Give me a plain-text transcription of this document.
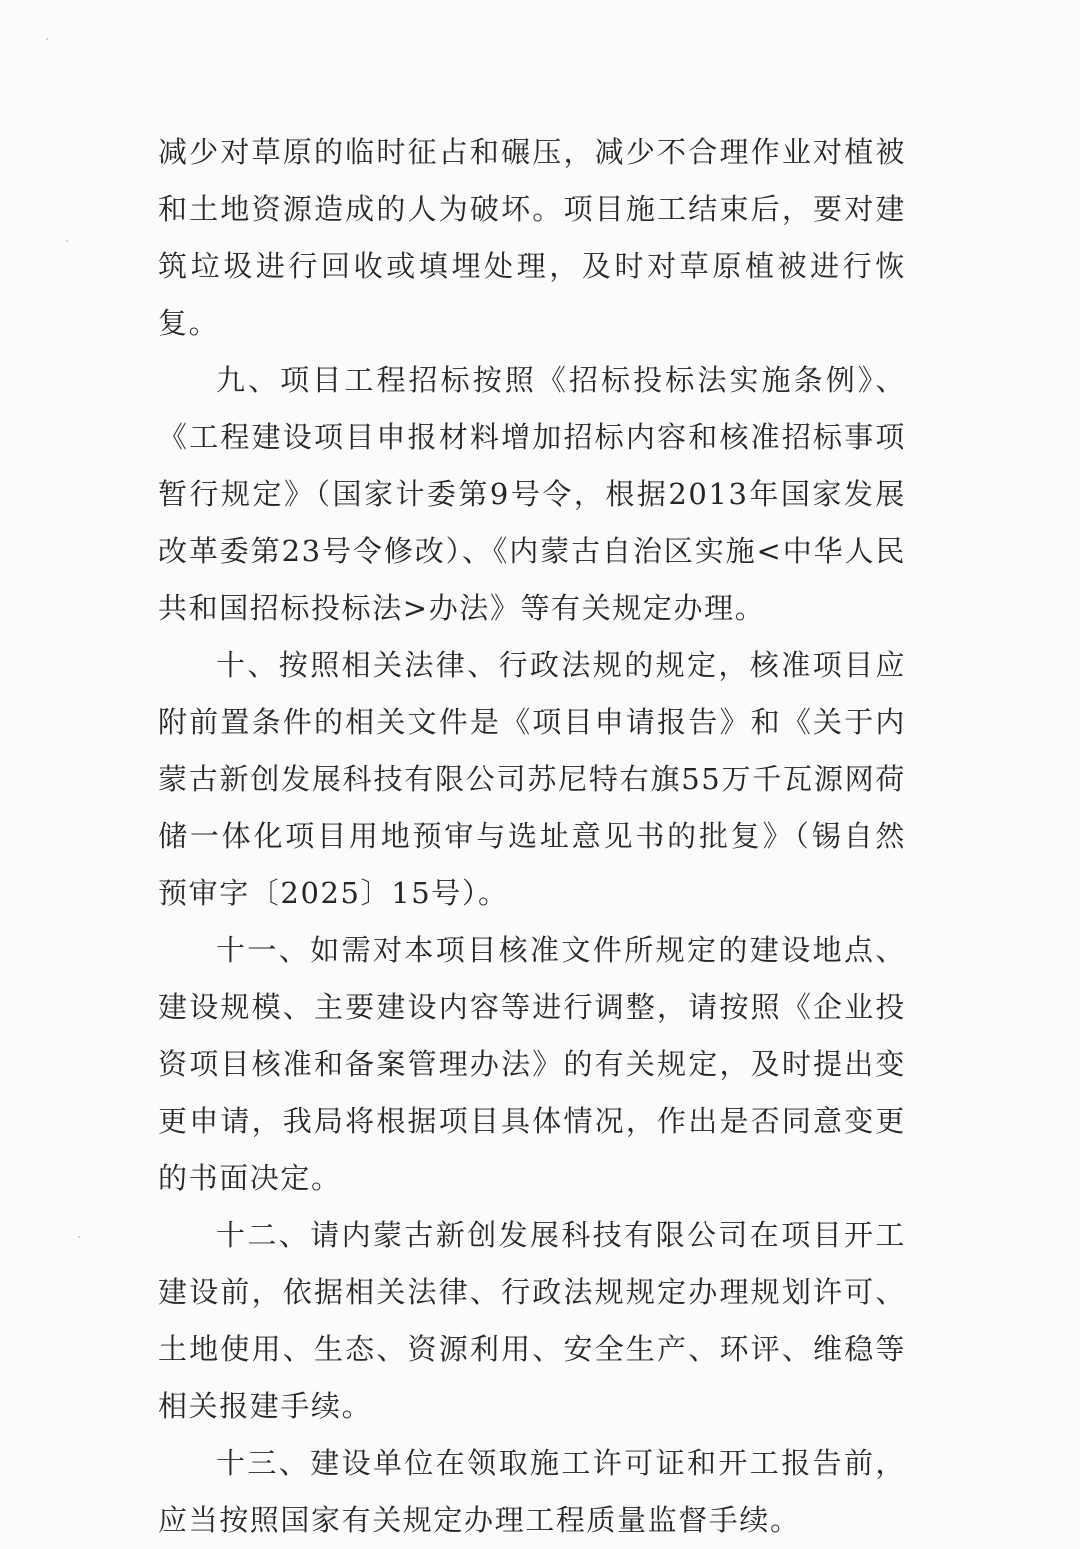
减少对草原的临时征占和碾压，减少不合理作业对植被和土地资源造成的人为破坏。项目施工结束后，要对建筑垃圾进行回收或填埋处理，及时对草原植被进行恢复。

九、项目工程招标按照《招标投标法实施条例》、《工程建设项目申报材料增加招标内容和核准招标事项暂行规定》（国家计委第9号令，根据2013年国家发展改革委第23号令修改）、《内蒙古自治区实施<中华人民共和国招标投标法>办法》等有关规定办理。

十、按照相关法律、行政法规的规定，核准项目应附前置条件的相关文件是《项目申请报告》和《关于内蒙古新创发展科技有限公司苏尼特右旗55万千瓦源网荷储一体化项目用地预审与选址意见书的批复》（锡自然预审字〔2025〕15号）。

十一、如需对本项目核准文件所规定的建设地点、建设规模、主要建设内容等进行调整，请按照《企业投资项目核准和备案管理办法》的有关规定，及时提出变更申请，我局将根据项目具体情况，作出是否同意变更的书面决定。

十二、请内蒙古新创发展科技有限公司在项目开工建设前，依据相关法律、行政法规规定办理规划许可、土地使用、生态、资源利用、安全生产、环评、维稳等相关报建手续。

十三、建设单位在领取施工许可证和开工报告前，应当按照国家有关规定办理工程质量监督手续。
